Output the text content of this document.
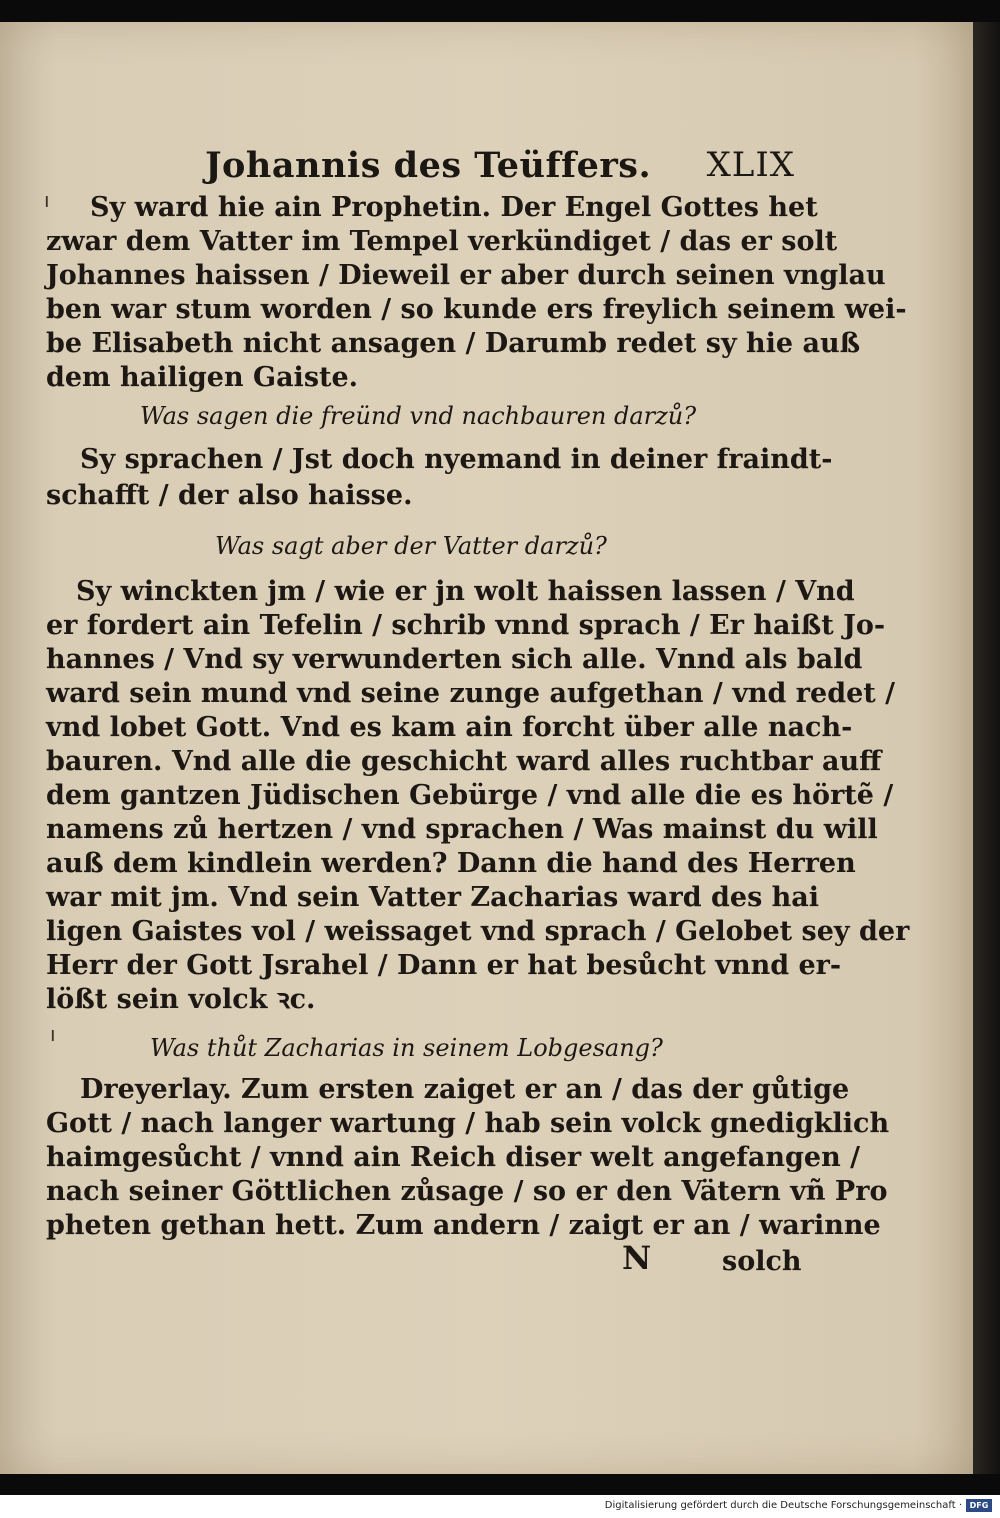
Johannis des Teüffers. XLIX
ı Sy ward hie ain Prophetin. Der Engel Gottes het
zwar dem Vatter im Tempel verkündiget / das er solt
Johannes haissen / Dieweil er aber durch seinen vnglau
ben war stum worden / so kunde ers freylich seinem wei-
be Elisabeth nicht ansagen / Darumb redet sy hie auß
dem hailigen Gaiste.
Was sagen die freünd vnd nachbauren darzů?
Sy sprachen / Jst doch nyemand in deiner fraindt-
schafft / der also haisse.
Was sagt aber der Vatter darzů?
Sy winckten jm / wie er jn wolt haissen lassen / Vnd
er fordert ain Tefelin / schrib vnnd sprach / Er haißt Jo-
hannes / Vnd sy verwunderten sich alle. Vnnd als bald
ward sein mund vnd seine zunge aufgethan / vnd redet /
vnd lobet Gott. Vnd es kam ain forcht über alle nach-
bauren. Vnd alle die geschicht ward alles ruchtbar auff
dem gantzen Jüdischen Gebürge / vnd alle die es hörtẽ /
namens zů hertzen / vnd sprachen / Was mainst du will
auß dem kindlein werden? Dann die hand des Herren
war mit jm. Vnd sein Vatter Zacharias ward des hai
ligen Gaistes vol / weissaget vnd sprach / Gelobet sey der
Herr der Gott Jsrahel / Dann er hat besůcht vnnd er-
lößt sein volck ꝛc.
ı	Was thůt Zacharias in seinem Lobgesang?
Dreyerlay. Zum ersten zaiget er an / das der gůtige
Gott / nach langer wartung / hab sein volck gnedigklich
haimgesůcht / vnnd ain Reich diser welt angefangen /
nach seiner Göttlichen zůsage / so er den Vätern vñ Pro
pheten gethan hett. Zum andern / zaigt er an / warinne
N	solch
Digitalisierung gefördert durch die Deutsche Forschungsgemeinschaft · DFG
